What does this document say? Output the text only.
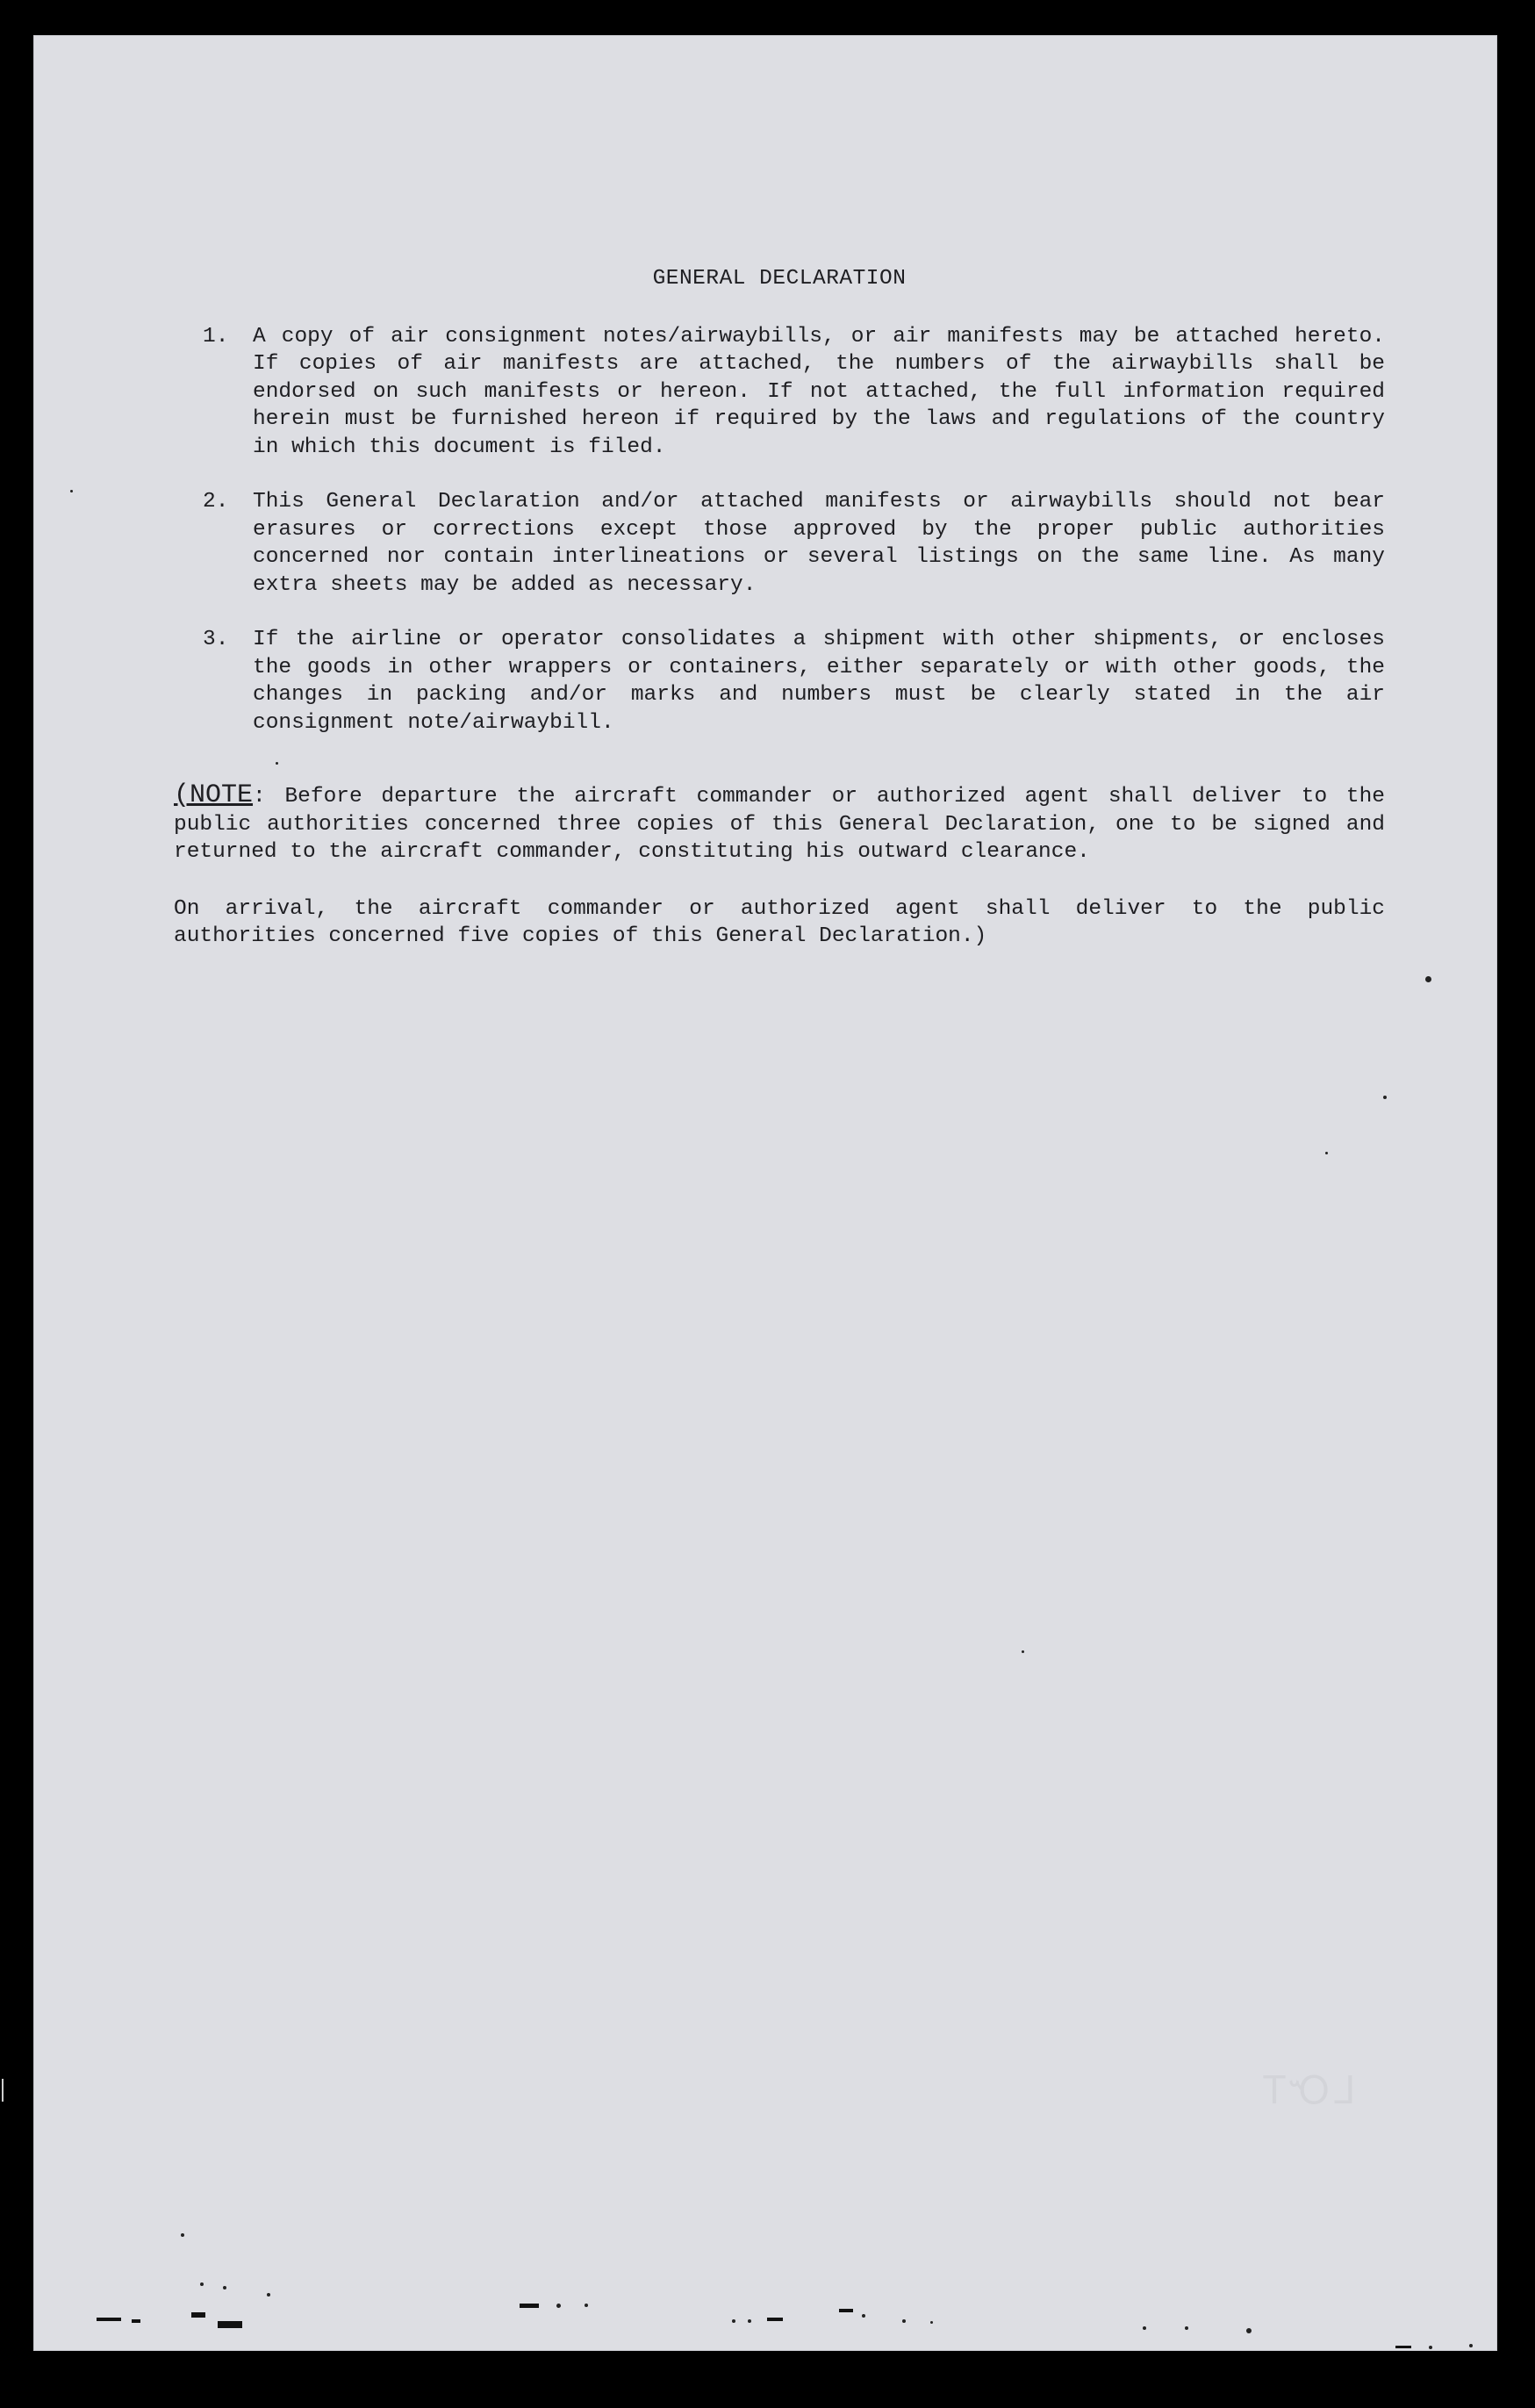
ᏞᏅᎢ
GENERAL DECLARATION
1.	A copy of air consignment notes/airwaybills, or air manifests may be attached hereto. If copies of air manifests are attached, the numbers of the airwaybills shall be endorsed on such manifests or hereon. If not attached, the full information required herein must be furnished hereon if required by the laws and regulations of the country in which this document is filed.
2.	This General Declaration and/or attached manifests or airwaybills should not bear erasures or corrections except those approved by the proper public authorities concerned nor contain interlineations or several listings on the same line. As many extra sheets may be added as necessary.
3.	If the airline or operator consolidates a shipment with other shipments, or encloses the goods in other wrappers or containers, either separately or with other goods, the changes in packing and/or marks and numbers must be clearly stated in the air consignment note/airwaybill.
(NOTE: Before departure the aircraft commander or authorized agent shall deliver to the public authorities concerned three copies of this General Declaration, one to be signed and returned to the aircraft commander, constituting his outward clearance.
On arrival, the aircraft commander or authorized agent shall deliver to the public authorities concerned five copies of this General Declaration.)
